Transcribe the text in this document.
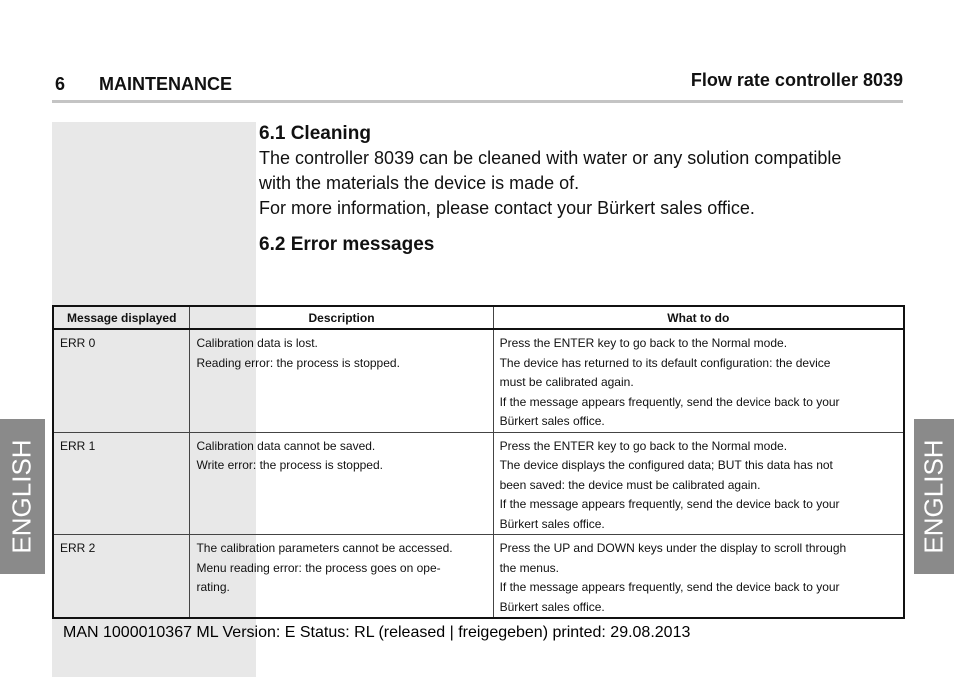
6 MAINTENANCE	Flow rate controller 8039
6.1 Cleaning

The controller 8039 can be cleaned with water or any solution compatible

with the materials the device is made of.

For more information, please contact your Bürkert sales office.

6.2 Error messages
Message displayed	Description	What to do

ERR 0	Calibration data is lost.
Reading error: the process is stopped.	Press the ENTER key to go back to the Normal mode.
The device has returned to its default configuration: the device
must be calibrated again.
If the message appears frequently, send the device back to your
Bürkert sales office.

ERR 1	Calibration data cannot be saved.
Write error: the process is stopped.	Press the ENTER key to go back to the Normal mode.
The device displays the configured data; BUT this data has not
been saved: the device must be calibrated again.
If the message appears frequently, send the device back to your
Bürkert sales office.

ERR 2	The calibration parameters cannot be accessed.
Menu reading error: the process goes on ope-
rating.	Press the UP and DOWN keys under the display to scroll through
the menus.
If the message appears frequently, send the device back to your
Bürkert sales office.
ENGLISH	ENGLISH
MAN 1000010367 ML Version: E Status: RL (released | freigegeben) printed: 29.08.2013
